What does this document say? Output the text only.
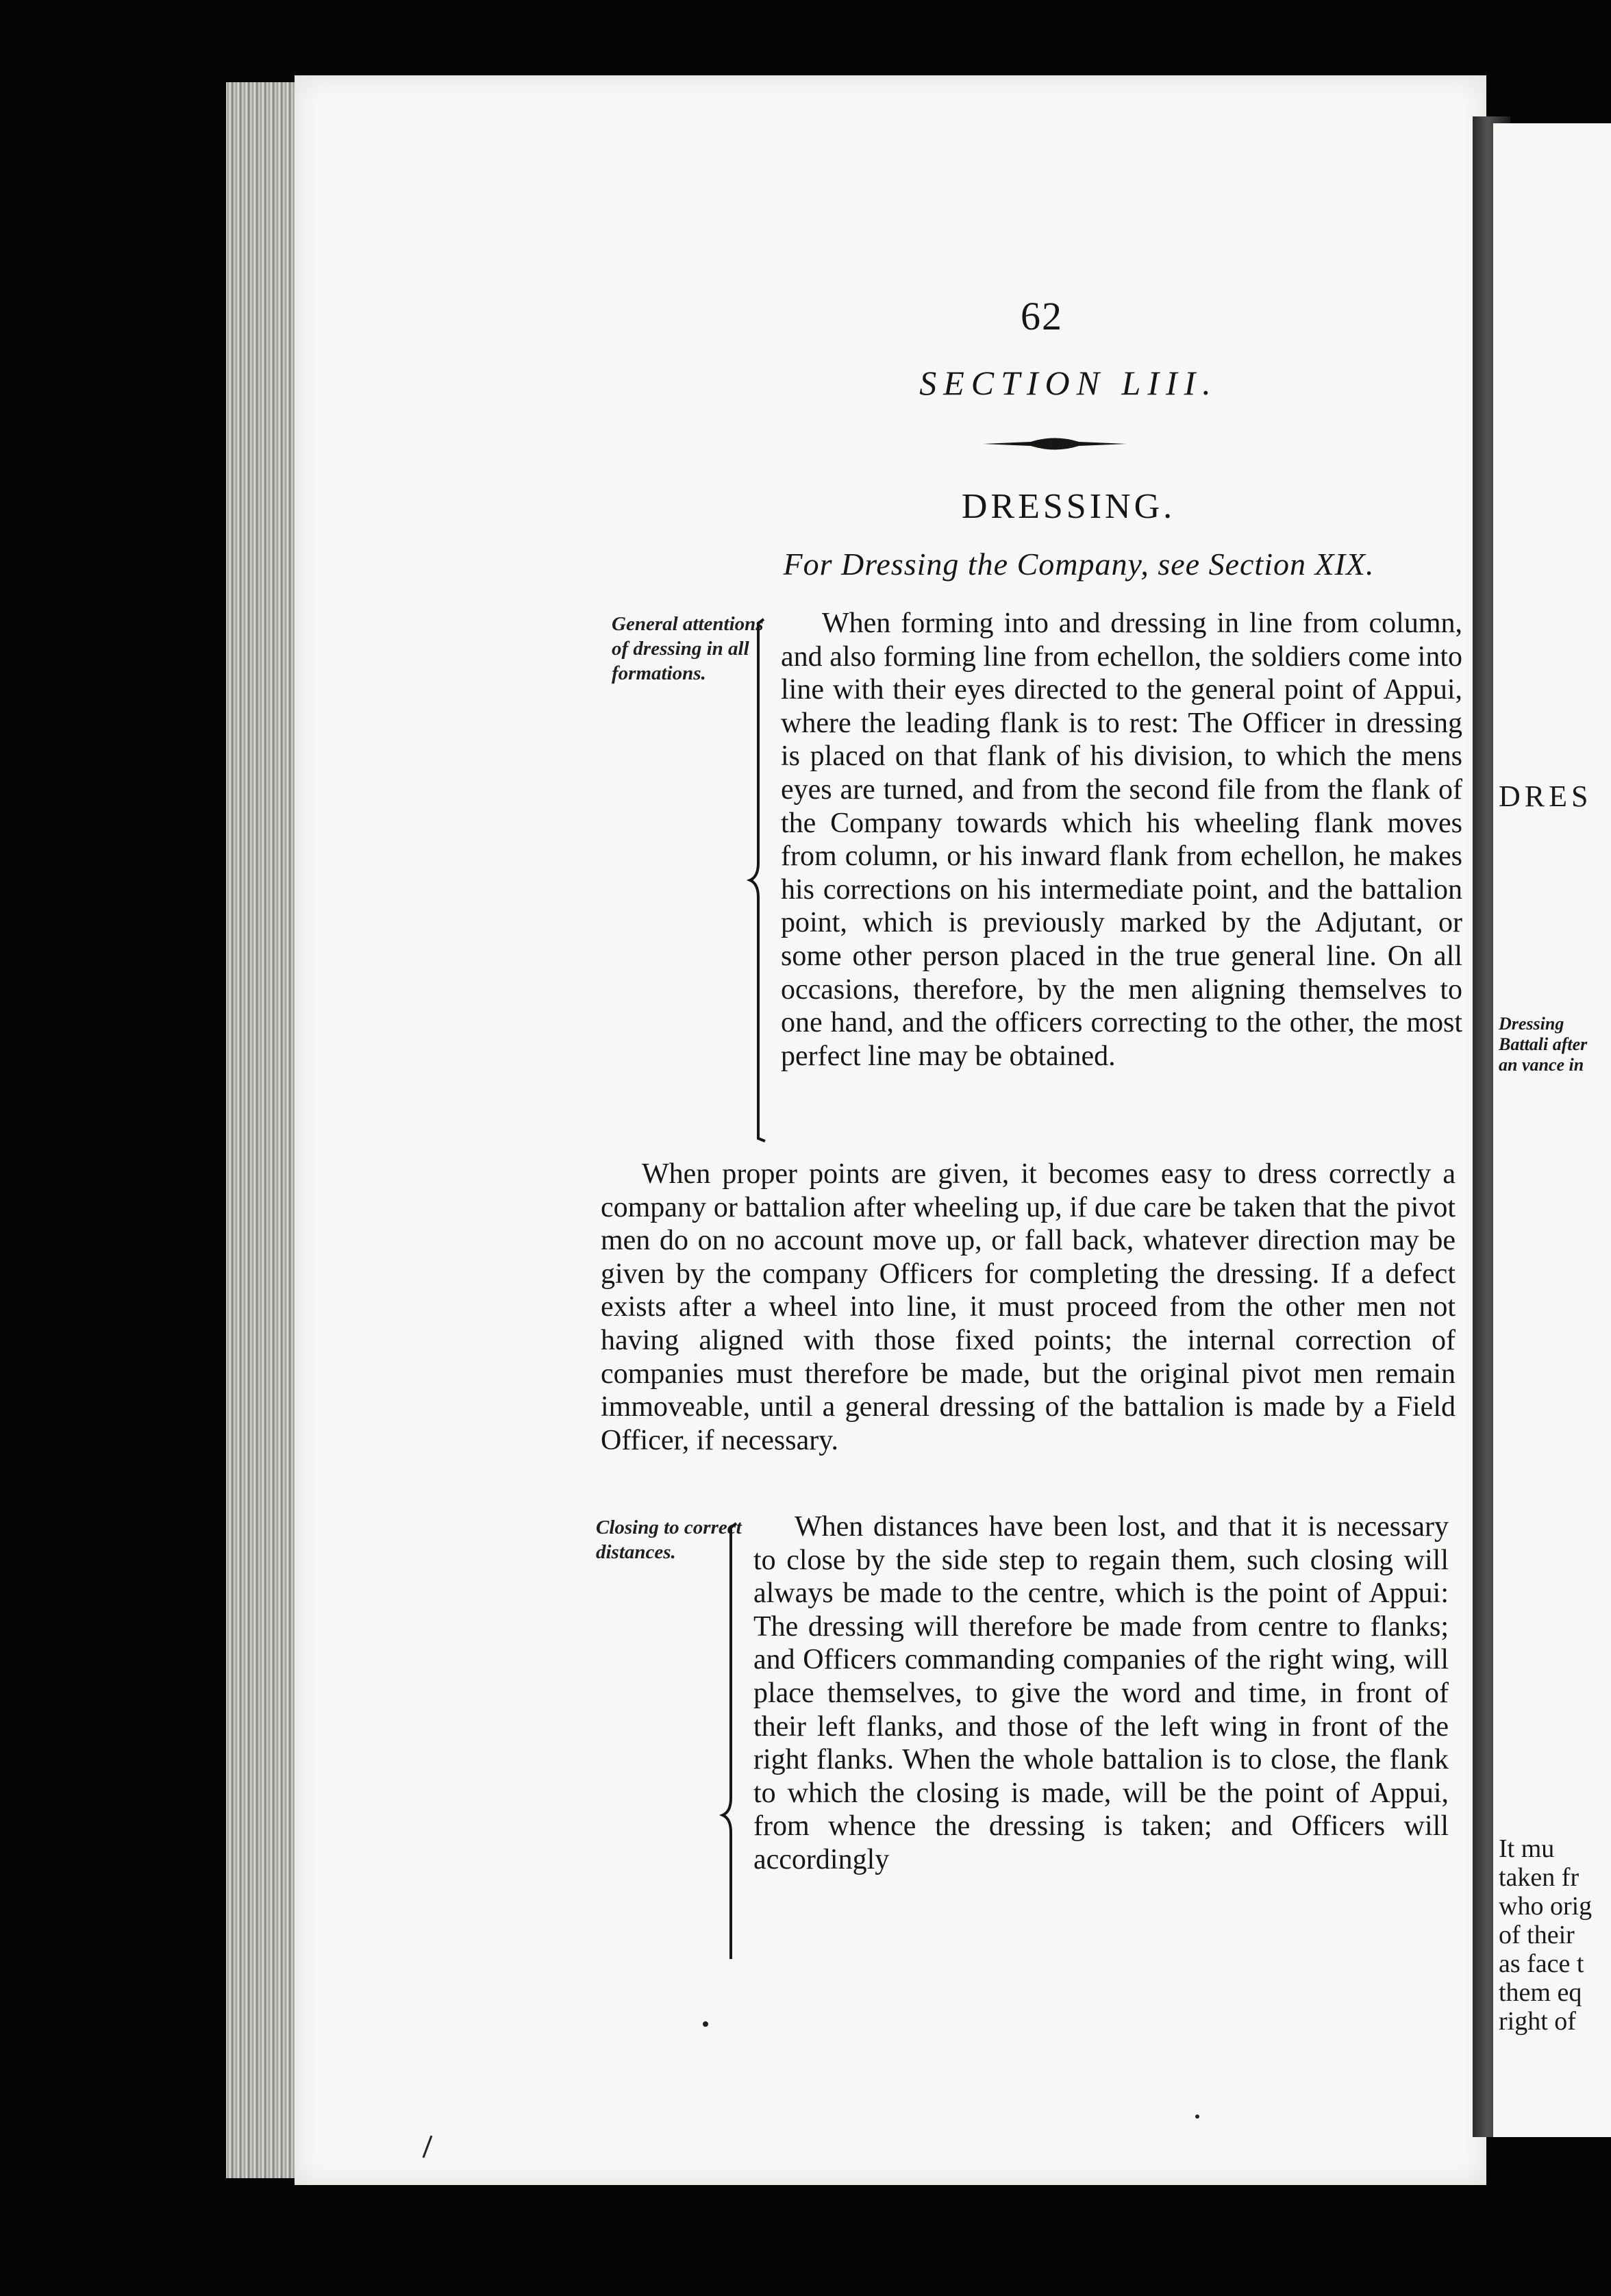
DRES
Dressing Battali after an vance in
It mu
taken fr
who orig
of their
as face t
them eq
right of
62
SECTION LIII.
DRESSING.
For Dressing the Company, see Section XIX.
General attentions of dressing in all formations.

When forming into and dressing in line from column, and also forming line from echellon, the soldiers come into line with their eyes directed to the general point of Appui, where the leading flank is to rest: The Officer in dressing is placed on that flank of his division, to which the mens eyes are turned, and from the second file from the flank of the Company towards which his wheeling flank moves from column, or his inward flank from echellon, he makes his corrections on his intermediate point, and the battalion point, which is previously marked by the Adjutant, or some other person placed in the true general line. On all occasions, therefore, by the men aligning themselves to one hand, and the officers correcting to the other, the most perfect line may be obtained.

When proper points are given, it becomes easy to dress correctly a company or battalion after wheeling up, if due care be taken that the pivot men do on no account move up, or fall back, whatever direction may be given by the company Officers for completing the dressing. If a defect exists after a wheel into line, it must proceed from the other men not having aligned with those fixed points; the internal correction of companies must therefore be made, but the original pivot men remain immoveable, until a general dressing of the battalion is made by a Field Officer, if necessary.

Closing to correct distances.

When distances have been lost, and that it is necessary to close by the side step to regain them, such closing will always be made to the centre, which is the point of Appui: The dressing will therefore be made from centre to flanks; and Officers commanding companies of the right wing, will place themselves, to give the word and time, in front of their left flanks, and those of the left wing in front of the right flanks. When the whole battalion is to close, the flank to which the closing is made, will be the point of Appui, from whence the dressing is taken; and Officers will accordingly
